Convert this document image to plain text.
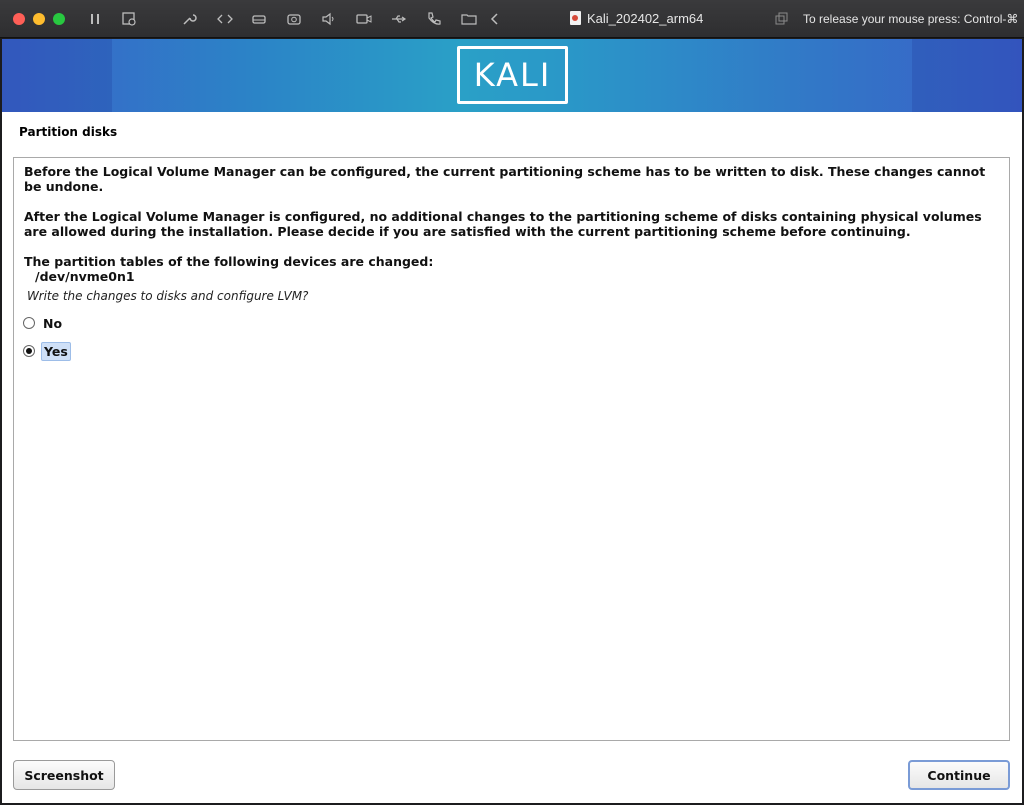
Kali_202402_arm64	To release your mouse press: Control-⌘
KALI
Partition disks
Before the Logical Volume Manager can be configured, the current partitioning scheme has to be written to disk. These changes cannot be undone.
After the Logical Volume Manager is configured, no additional changes to the partitioning scheme of disks containing physical volumes are allowed during the installation. Please decide if you are satisfied with the current partitioning scheme before continuing.
The partition tables of the following devices are changed:
/dev/nvme0n1
Write the changes to disks and configure LVM?
No
Yes
Screenshot	Continue
